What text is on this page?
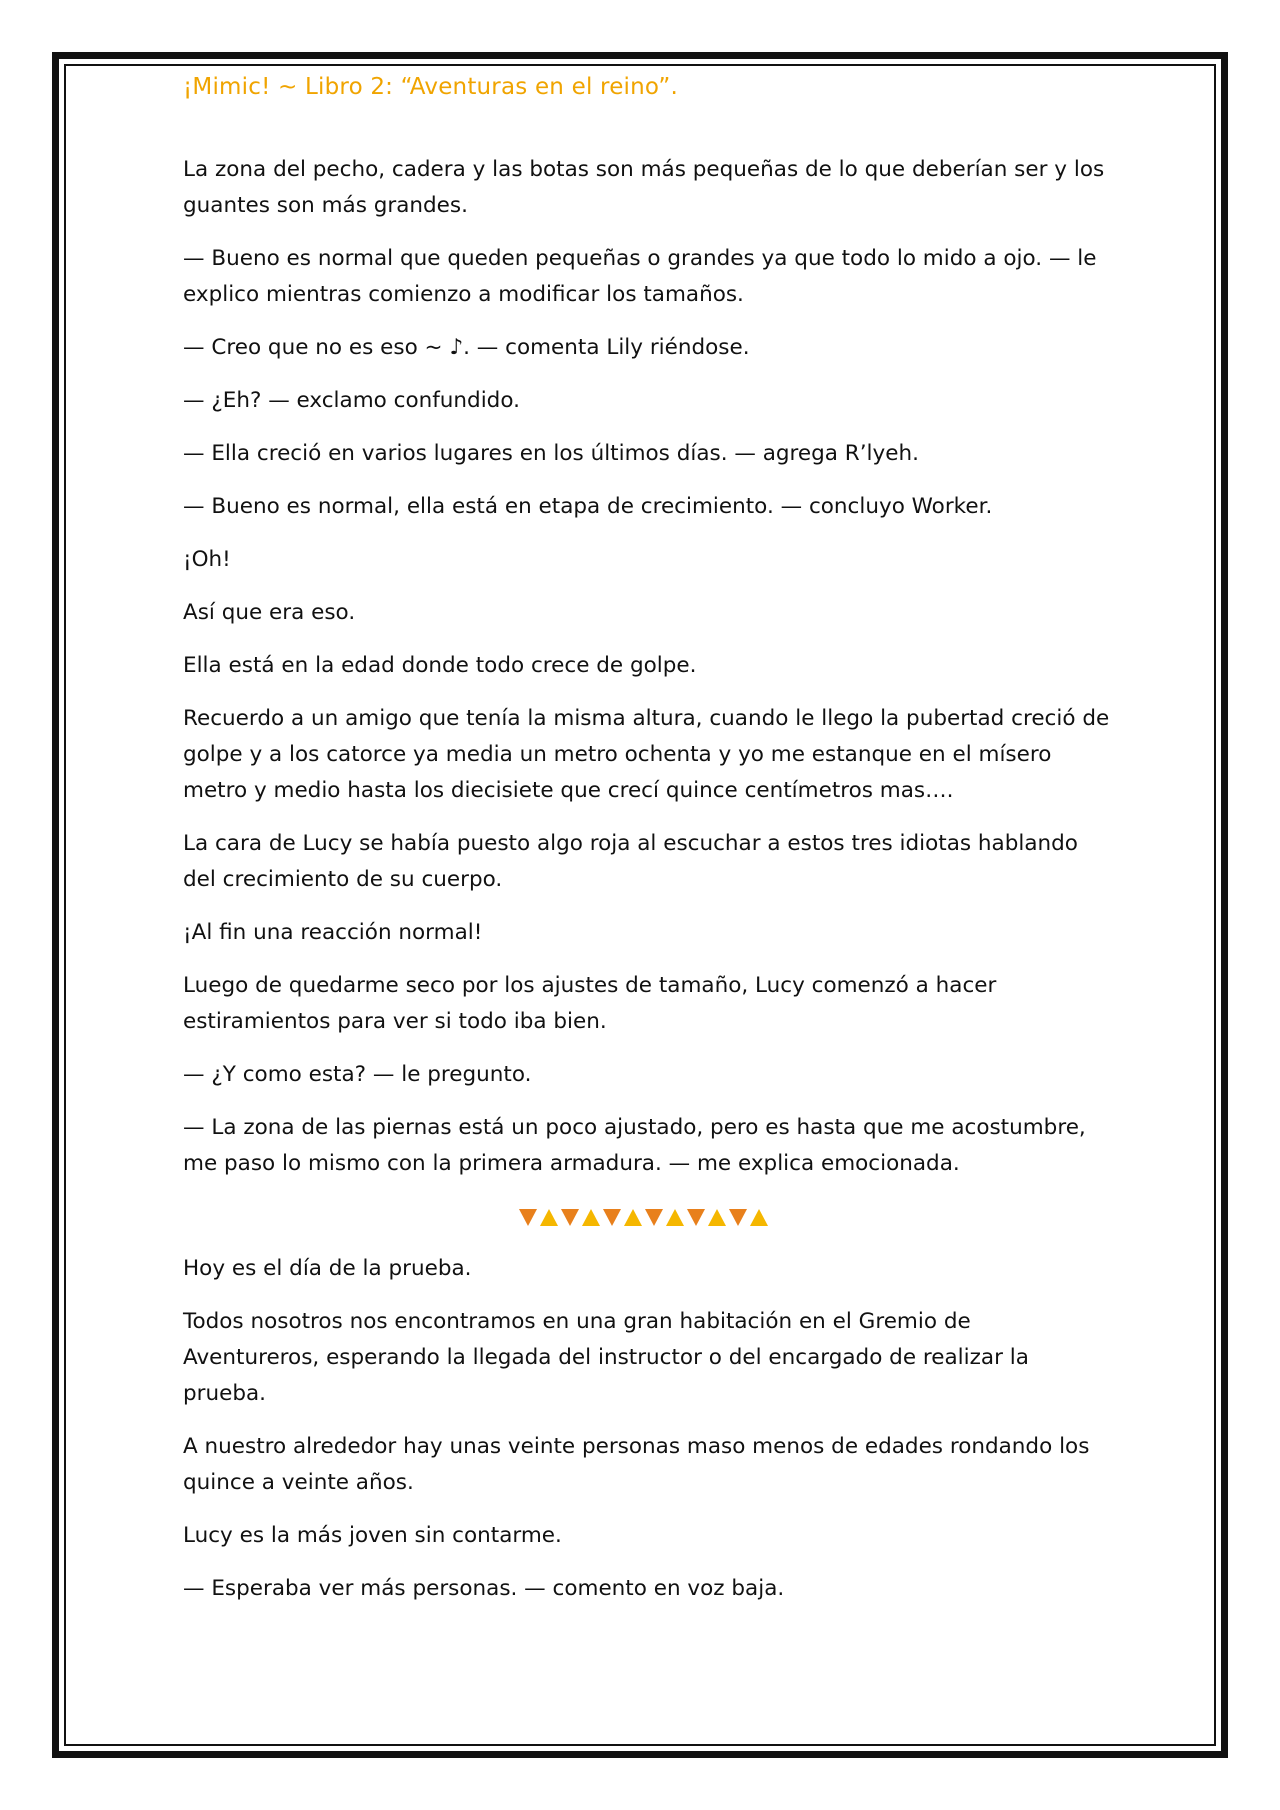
¡Mimic! ~ Libro 2: “Aventuras en el reino”.

La zona del pecho, cadera y las botas son más pequeñas de lo que deberían ser y los guantes son más grandes.

— Bueno es normal que queden pequeñas o grandes ya que todo lo mido a ojo. — le explico mientras comienzo a modificar los tamaños.

— Creo que no es eso ~ ♪. — comenta Lily riéndose.

— ¿Eh? — exclamo confundido.

— Ella creció en varios lugares en los últimos días. — agrega R’lyeh.

— Bueno es normal, ella está en etapa de crecimiento. — concluyo Worker.

¡Oh!

Así que era eso.

Ella está en la edad donde todo crece de golpe.

Recuerdo a un amigo que tenía la misma altura, cuando le llego la pubertad creció de golpe y a los catorce ya media un metro ochenta y yo me estanque en el mísero metro y medio hasta los diecisiete que crecí quince centímetros mas….

La cara de Lucy se había puesto algo roja al escuchar a estos tres idiotas hablando del crecimiento de su cuerpo.

¡Al fin una reacción normal!

Luego de quedarme seco por los ajustes de tamaño, Lucy comenzó a hacer estiramientos para ver si todo iba bien.

— ¿Y como esta? — le pregunto.

— La zona de las piernas está un poco ajustado, pero es hasta que me acostumbre, me paso lo mismo con la primera armadura. — me explica emocionada.

Hoy es el día de la prueba.

Todos nosotros nos encontramos en una gran habitación en el Gremio de Aventureros, esperando la llegada del instructor o del encargado de realizar la prueba.

A nuestro alrededor hay unas veinte personas maso menos de edades rondando los quince a veinte años.

Lucy es la más joven sin contarme.

— Esperaba ver más personas. — comento en voz baja.
